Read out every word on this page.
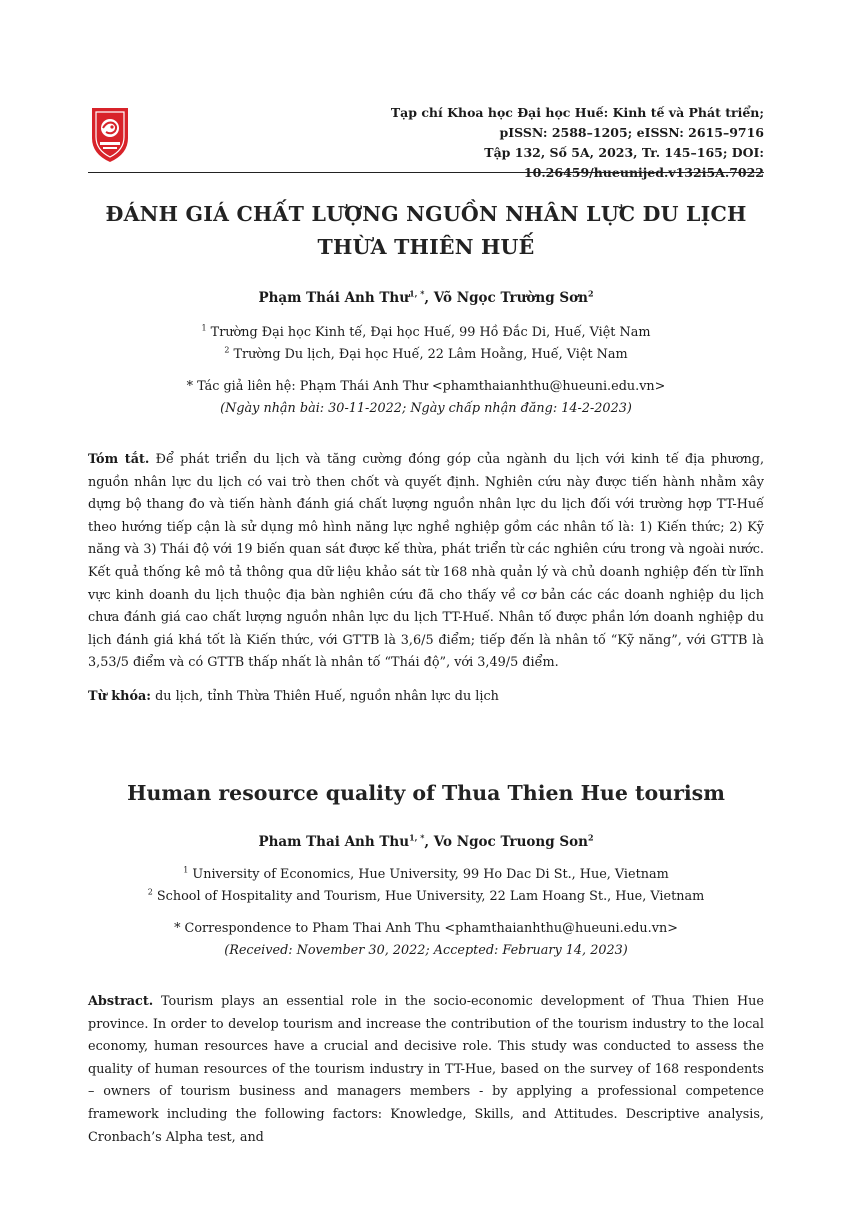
Tạp chí Khoa học Đại học Huế: Kinh tế và Phát triển;
pISSN: 2588–1205; eISSN: 2615–9716
Tập 132, Số 5A, 2023, Tr. 145–165; DOI: 10.26459/hueunijed.v132i5A.7022
ĐÁNH GIÁ CHẤT LƯỢNG NGUỒN NHÂN LỰC DU LỊCH
THỪA THIÊN HUẾ
Phạm Thái Anh Thư$^{1, *}$, Võ Ngọc Trường Sơn$^2$
$^1$ Trường Đại học Kinh tế, Đại học Huế, 99 Hồ Đắc Di, Huế, Việt Nam
$^2$ Trường Du lịch, Đại học Huế, 22 Lâm Hoằng, Huế, Việt Nam
* Tác giả liên hệ: Phạm Thái Anh Thư <phamthaianhthu@hueuni.edu.vn>
(Ngày nhận bài: 30-11-2022; Ngày chấp nhận đăng: 14-2-2023)
Tóm tắt. Để phát triển du lịch và tăng cường đóng góp của ngành du lịch với kinh tế địa phương, nguồn nhân lực du lịch có vai trò then chốt và quyết định. Nghiên cứu này được tiến hành nhằm xây dựng bộ thang đo và tiến hành đánh giá chất lượng nguồn nhân lực du lịch đối với trường hợp TT-Huế theo hướng tiếp cận là sử dụng mô hình năng lực nghề nghiệp gồm các nhân tố là: 1) Kiến thức; 2) Kỹ năng và 3) Thái độ với 19 biến quan sát được kế thừa, phát triển từ các nghiên cứu trong và ngoài nước. Kết quả thống kê mô tả thông qua dữ liệu khảo sát từ 168 nhà quản lý và chủ doanh nghiệp đến từ lĩnh vực kinh doanh du lịch thuộc địa bàn nghiên cứu đã cho thấy về cơ bản các các doanh nghiệp du lịch chưa đánh giá cao chất lượng nguồn nhân lực du lịch TT-Huế. Nhân tố được phần lớn doanh nghiệp du lịch đánh giá khá tốt là Kiến thức, với GTTB là 3,6/5 điểm; tiếp đến là nhân tố “Kỹ năng”, với GTTB là 3,53/5 điểm và có GTTB thấp nhất là nhân tố “Thái độ”, với 3,49/5 điểm.
Từ khóa: du lịch, tỉnh Thừa Thiên Huế, nguồn nhân lực du lịch
Human resource quality of Thua Thien Hue tourism
Pham Thai Anh Thu$^{1, *}$, Vo Ngoc Truong Son$^2$
$^1$ University of Economics, Hue University, 99 Ho Dac Di St., Hue, Vietnam
$^2$ School of Hospitality and Tourism, Hue University, 22 Lam Hoang St., Hue, Vietnam
* Correspondence to Pham Thai Anh Thu <phamthaianhthu@hueuni.edu.vn>
(Received: November 30, 2022; Accepted: February 14, 2023)
Abstract. Tourism plays an essential role in the socio-economic development of Thua Thien Hue province. In order to develop tourism and increase the contribution of the tourism industry to the local economy, human resources have a crucial and decisive role. This study was conducted to assess the quality of human resources of the tourism industry in TT-Hue, based on the survey of 168 respondents – owners of tourism business and managers members - by applying a professional competence framework including the following factors: Knowledge, Skills, and Attitudes. Descriptive analysis, Cronbach’s Alpha test, and
